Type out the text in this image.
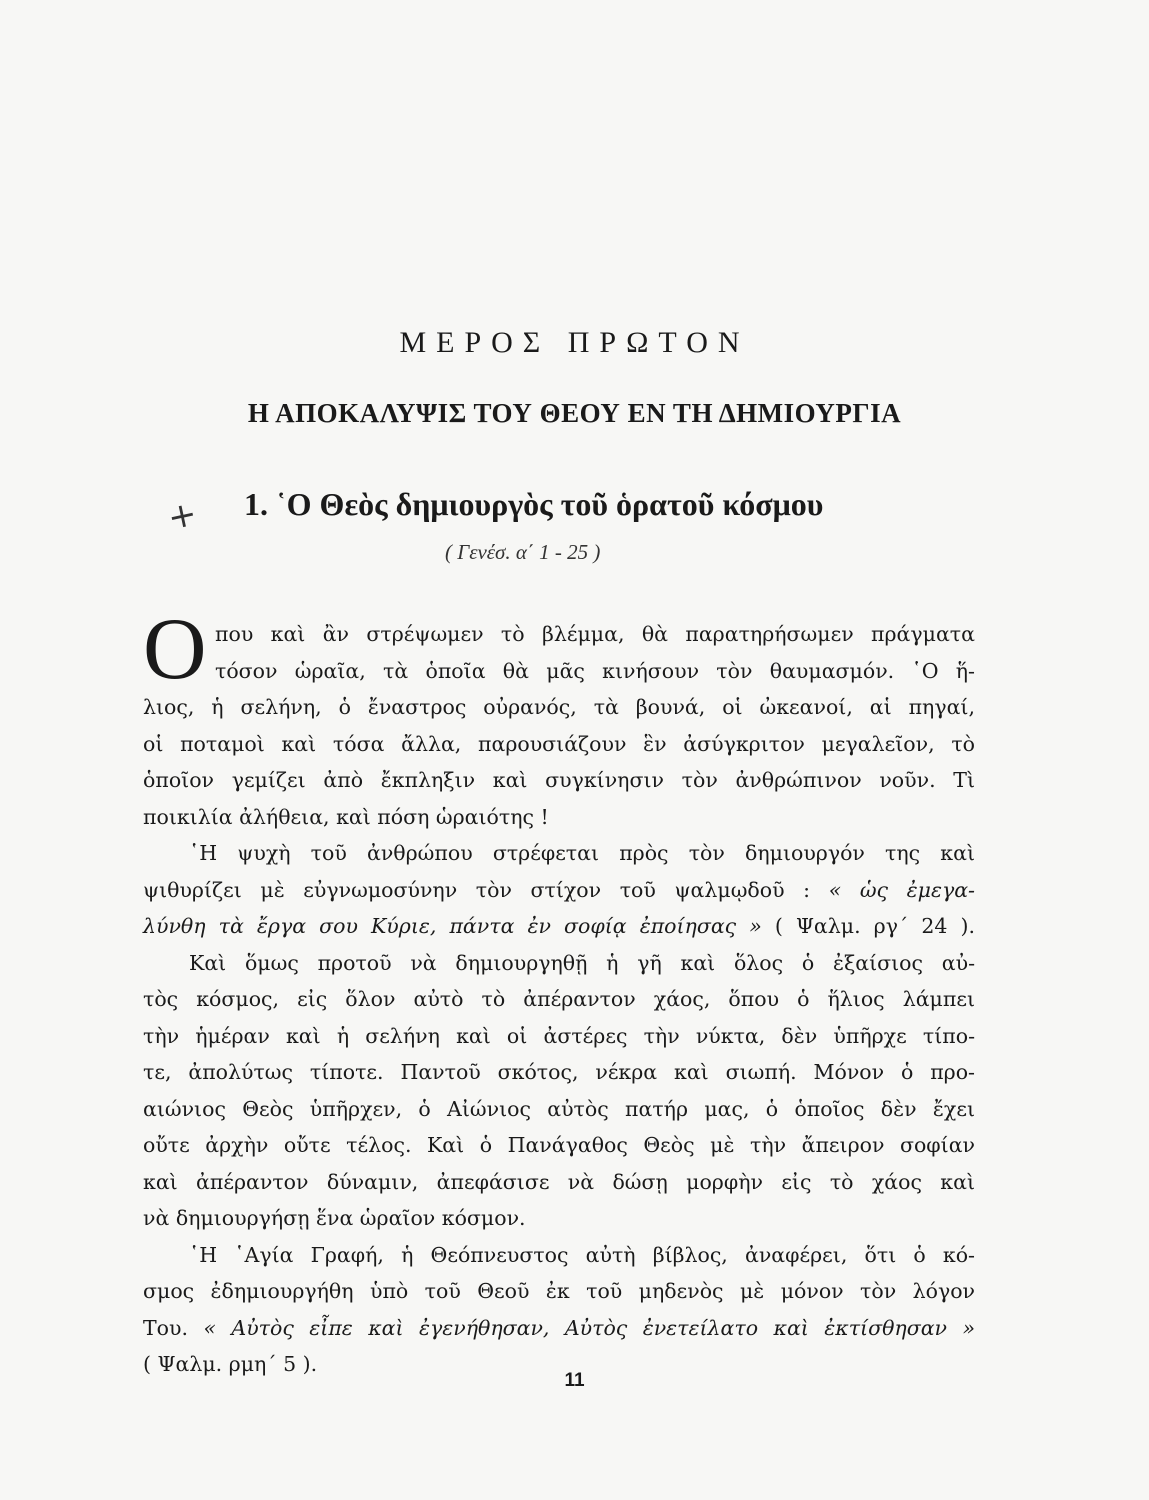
ΜΕΡΟΣ ΠΡΩΤΟΝ
Η ΑΠΟΚΑΛΥΨΙΣ ΤΟΥ ΘΕΟΥ ΕΝ ΤΗ ΔΗΜΙΟΥΡΓΙΑ
+ 1. ῾Ο Θεὸς δημιουργὸς τοῦ ὁρατοῦ κόσμου
( Γενέσ. α΄ 1 - 25 )
Ο που καὶ ἂν στρέψωμεν τὸ βλέμμα, θὰ παρατηρήσωμεν πράγματα
τόσον ὡραῖα, τὰ ὁποῖα θὰ μᾶς κινήσουν τὸν θαυμασμόν. ῾Ο ἥ-
λιος, ἡ σελήνη, ὁ ἔναστρος οὐρανός, τὰ βουνά, οἱ ὠκεανοί, αἱ πηγαί,
οἱ ποταμοὶ καὶ τόσα ἄλλα, παρουσιάζουν ἓν ἀσύγκριτον μεγαλεῖον, τὸ
ὁποῖον γεμίζει ἀπὸ ἔκπληξιν καὶ συγκίνησιν τὸν ἀνθρώπινον νοῦν. Τὶ
ποικιλία ἀλήθεια, καὶ πόση ὡραιότης !
῾Η ψυχὴ τοῦ ἀνθρώπου στρέφεται πρὸς τὸν δημιουργόν της καὶ
ψιθυρίζει μὲ εὐγνωμοσύνην τὸν στίχον τοῦ ψαλμῳδοῦ : « ὡς ἐμεγα-
λύνθη τὰ ἔργα σου Κύριε, πάντα ἐν σοφίᾳ ἐποίησας » ( Ψαλμ. ργ΄ 24 ).
Καὶ ὅμως προτοῦ νὰ δημιουργηθῇ ἡ γῆ καὶ ὅλος ὁ ἐξαίσιος αὐ-
τὸς κόσμος, εἰς ὅλον αὐτὸ τὸ ἀπέραντον χάος, ὅπου ὁ ἥλιος λάμπει
τὴν ἡμέραν καὶ ἡ σελήνη καὶ οἱ ἀστέρες τὴν νύκτα, δὲν ὑπῆρχε τίπο-
τε, ἀπολύτως τίποτε. Παντοῦ σκότος, νέκρα καὶ σιωπή. Μόνον ὁ προ-
αιώνιος Θεὸς ὑπῆρχεν, ὁ Αἰώνιος αὐτὸς πατήρ μας, ὁ ὁποῖος δὲν ἔχει
οὔτε ἀρχὴν οὔτε τέλος. Καὶ ὁ Πανάγαθος Θεὸς μὲ τὴν ἄπειρον σοφίαν
καὶ ἀπέραντον δύναμιν, ἀπεφάσισε νὰ δώσῃ μορφὴν εἰς τὸ χάος καὶ
νὰ δημιουργήσῃ ἕνα ὡραῖον κόσμον.
῾Η ῾Αγία Γραφή, ἡ Θεόπνευστος αὐτὴ βίβλος, ἀναφέρει, ὅτι ὁ κό-
σμος ἐδημιουργήθη ὑπὸ τοῦ Θεοῦ ἐκ τοῦ μηδενὸς μὲ μόνον τὸν λόγον
Του. « Αὐτὸς εἶπε καὶ ἐγενήθησαν, Αὐτὸς ἐνετείλατο καὶ ἐκτίσθησαν »
( Ψαλμ. ρμη΄ 5 ).
11
